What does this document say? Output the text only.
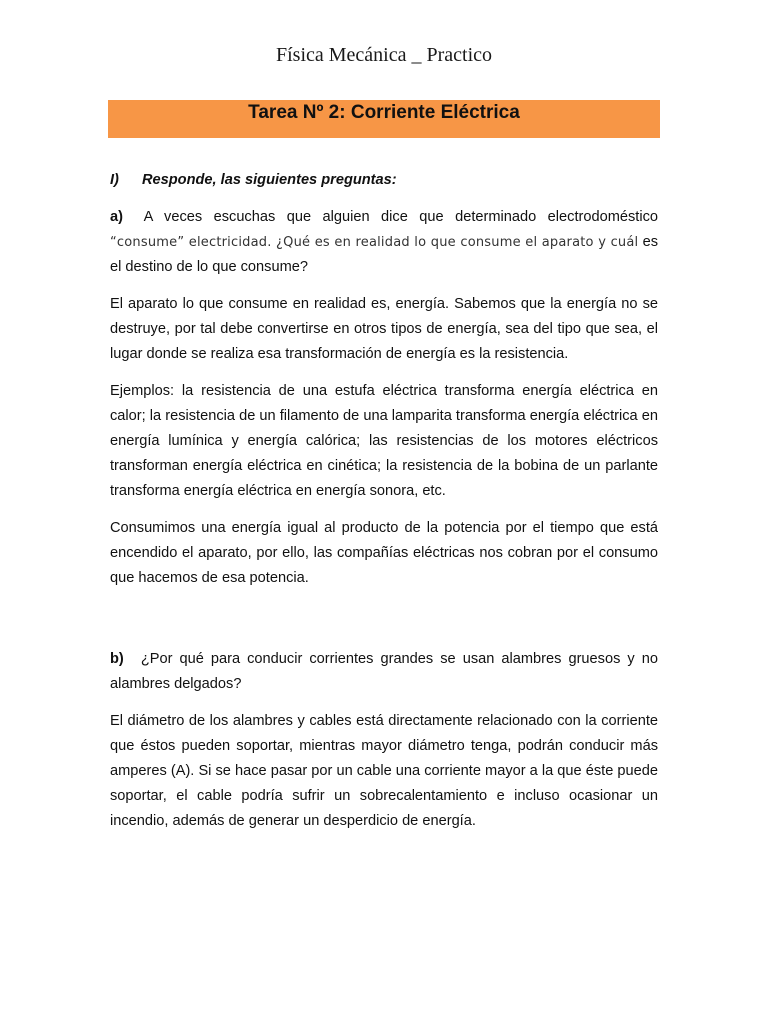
Física Mecánica _ Practico
Tarea Nº 2: Corriente Eléctrica
I) Responde, las siguientes preguntas:

a) A veces escuchas que alguien dice que determinado electrodoméstico “consume” electricidad. ¿Qué es en realidad lo que consume el aparato y cuál es el destino de lo que consume?

El aparato lo que consume en realidad es, energía. Sabemos que la energía no se destruye, por tal debe convertirse en otros tipos de energía, sea del tipo que sea, el lugar donde se realiza esa transformación de energía es la resistencia.

Ejemplos: la resistencia de una estufa eléctrica transforma energía eléctrica en calor; la resistencia de un filamento de una lamparita transforma energía eléctrica en energía lumínica y energía calórica; las resistencias de los motores eléctricos transforman energía eléctrica en cinética; la resistencia de la bobina de un parlante transforma energía eléctrica en energía sonora, etc.

Consumimos una energía igual al producto de la potencia por el tiempo que está encendido el aparato, por ello, las compañías eléctricas nos cobran por el consumo que hacemos de esa potencia.

b) ¿Por qué para conducir corrientes grandes se usan alambres gruesos y no alambres delgados?

El diámetro de los alambres y cables está directamente relacionado con la corriente que éstos pueden soportar, mientras mayor diámetro tenga, podrán conducir más amperes (A). Si se hace pasar por un cable una corriente mayor a la que éste puede soportar, el cable podría sufrir un sobrecalentamiento e incluso ocasionar un incendio, además de generar un desperdicio de energía.
